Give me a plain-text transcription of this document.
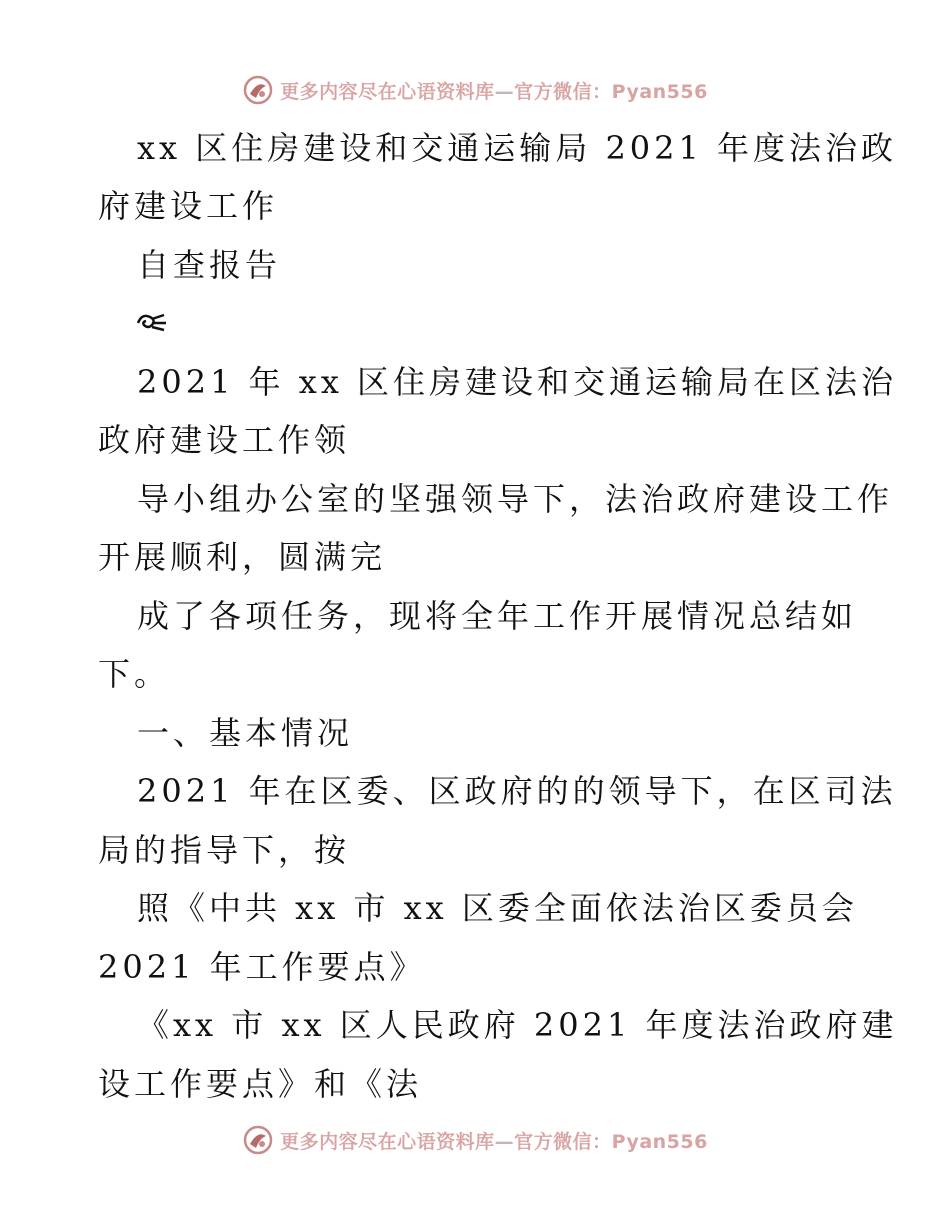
更多内容尽在心语资料库—官方微信：Pyan556
xx 区住房建设和交通运输局 2021 年度法治政
府建设工作
自查报告
2021 年 xx 区住房建设和交通运输局在区法治
政府建设工作领
导小组办公室的坚强领导下，法治政府建设工作
开展顺利，圆满完
成了各项任务，现将全年工作开展情况总结如
下。
一、基本情况
2021 年在区委、区政府的的领导下，在区司法
局的指导下，按
照《中共 xx 市 xx 区委全面依法治区委员会
2021 年工作要点》
《xx 市 xx 区人民政府 2021 年度法治政府建
设工作要点》和《法
更多内容尽在心语资料库—官方微信：Pyan556
